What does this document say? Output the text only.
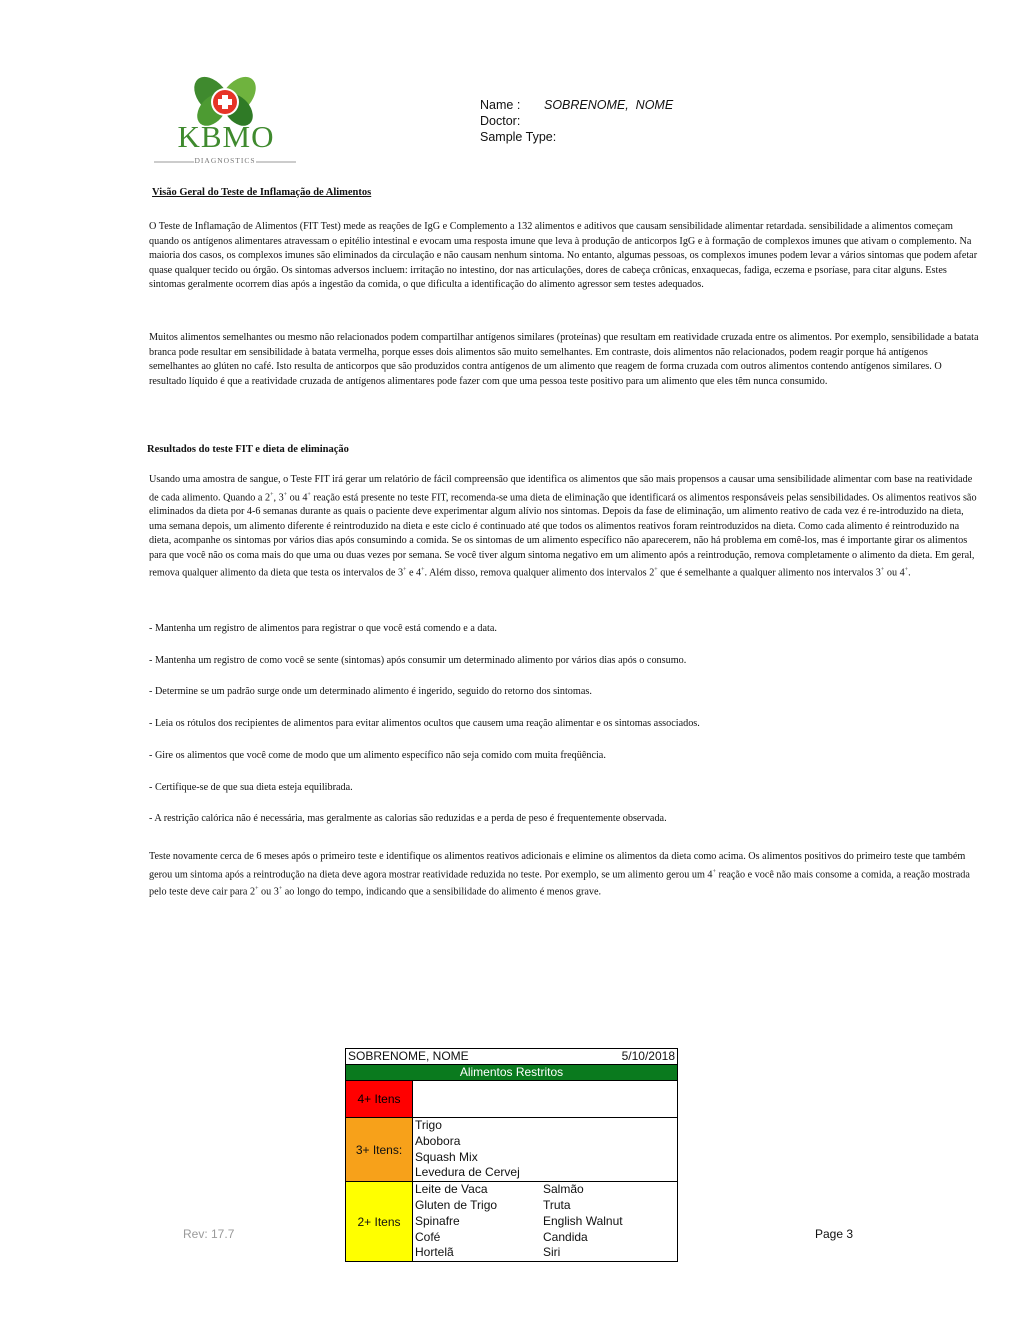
KBMO
DIAGNOSTICS
Name :	SOBRENOME,  NOME
Doctor:
Sample Type:
Visão Geral do Teste de Inflamação de Alimentos

O Teste de Inflamação de Alimentos (FIT Test) mede as reações de IgG e Complemento a 132 alimentos e aditivos que causam sensibilidade alimentar retardada. sensibilidade a alimentos começam quando os antígenos alimentares atravessam o epitélio intestinal e evocam uma resposta imune que leva à produção de anticorpos IgG e à formação de complexos imunes que ativam o complemento. Na maioria dos casos, os complexos imunes são eliminados da circulação e não causam nenhum sintoma. No entanto, algumas pessoas, os complexos imunes podem levar a vários sintomas que podem afetar quase qualquer tecido ou órgão. Os sintomas adversos incluem: irritação no intestino, dor nas articulações, dores de cabeça crônicas, enxaquecas, fadiga, eczema e psoríase, para citar alguns. Estes sintomas geralmente ocorrem dias após a ingestão da comida, o que dificulta a identificação do alimento agressor sem testes adequados.

Muitos alimentos semelhantes ou mesmo não relacionados podem compartilhar antígenos similares (proteínas) que resultam em reatividade cruzada entre os alimentos. Por exemplo, sensibilidade a batata branca pode resultar em sensibilidade à batata vermelha, porque esses dois alimentos são muito semelhantes. Em contraste, dois alimentos não relacionados, podem reagir porque há antígenos semelhantes ao glúten no café. Isto resulta de anticorpos que são produzidos contra antígenos de um alimento que reagem de forma cruzada com outros alimentos contendo antígenos similares. O resultado líquido é que a reatividade cruzada de antígenos alimentares pode fazer com que uma pessoa teste positivo para um alimento que eles têm nunca consumido.

Resultados do teste FIT e dieta de eliminação

Usando uma amostra de sangue, o Teste FIT irá gerar um relatório de fácil compreensão que identifica os alimentos que são mais propensos a causar uma sensibilidade alimentar com base na reatividade de cada alimento. Quando a 2+, 3+ ou 4+ reação está presente no teste FIT, recomenda-se uma dieta de eliminação que identificará os alimentos responsáveis pelas sensibilidades. Os alimentos reativos são eliminados da dieta por 4-6 semanas durante as quais o paciente deve experimentar algum alívio nos sintomas. Depois da fase de eliminação, um alimento reativo de cada vez é re-introduzido na dieta, uma semana depois, um alimento diferente é reintroduzido na dieta e este ciclo é continuado até que todos os alimentos reativos foram reintroduzidos na dieta. Como cada alimento é reintroduzido na dieta, acompanhe os sintomas por vários dias após consumindo a comida. Se os sintomas de um alimento específico não aparecerem, não há problema em comê-los, mas é importante girar os alimentos para que você não os coma mais do que uma ou duas vezes por semana. Se você tiver algum sintoma negativo em um alimento após a reintrodução, remova completamente o alimento da dieta. Em geral, remova qualquer alimento da dieta que testa os intervalos de 3+ e 4+. Além disso, remova qualquer alimento dos intervalos 2+ que é semelhante a qualquer alimento nos intervalos 3+ ou 4+.

- Mantenha um registro de alimentos para registrar o que você está comendo e a data.

- Mantenha um registro de como você se sente (sintomas) após consumir um determinado alimento por vários dias após o consumo.

- Determine se um padrão surge onde um determinado alimento é ingerido, seguido do retorno dos sintomas.

- Leia os rótulos dos recipientes de alimentos para evitar alimentos ocultos que causem uma reação alimentar e os sintomas associados.

- Gire os alimentos que você come de modo que um alimento específico não seja comido com muita freqüência.

- Certifique-se de que sua dieta esteja equilibrada.

- A restrição calórica não é necessária, mas geralmente as calorias são reduzidas e a perda de peso é frequentemente observada.

Teste novamente cerca de 6 meses após o primeiro teste e identifique os alimentos reativos adicionais e elimine os alimentos da dieta como acima. Os alimentos positivos do primeiro teste que também gerou um sintoma após a reintrodução na dieta deve agora mostrar reatividade reduzida no teste. Por exemplo, se um alimento gerou um 4+ reação e você não mais consome a comida, a reação mostrada pelo teste deve cair para 2+ ou 3+ ao longo do tempo, indicando que a sensibilidade do alimento é menos grave.

SOBRENOME, NOME	5/10/2018
Alimentos Restritos
4+ Itens
3+ Itens:
Trigo
Abobora
Squash Mix
Levedura de Cervej
2+ Itens
Leite de Vaca	Salmão
Gluten de Trigo	Truta
Spinafre	English Walnut
Cofé	Candida
Hortelã	Siri
Rev: 17.7	Page 3
